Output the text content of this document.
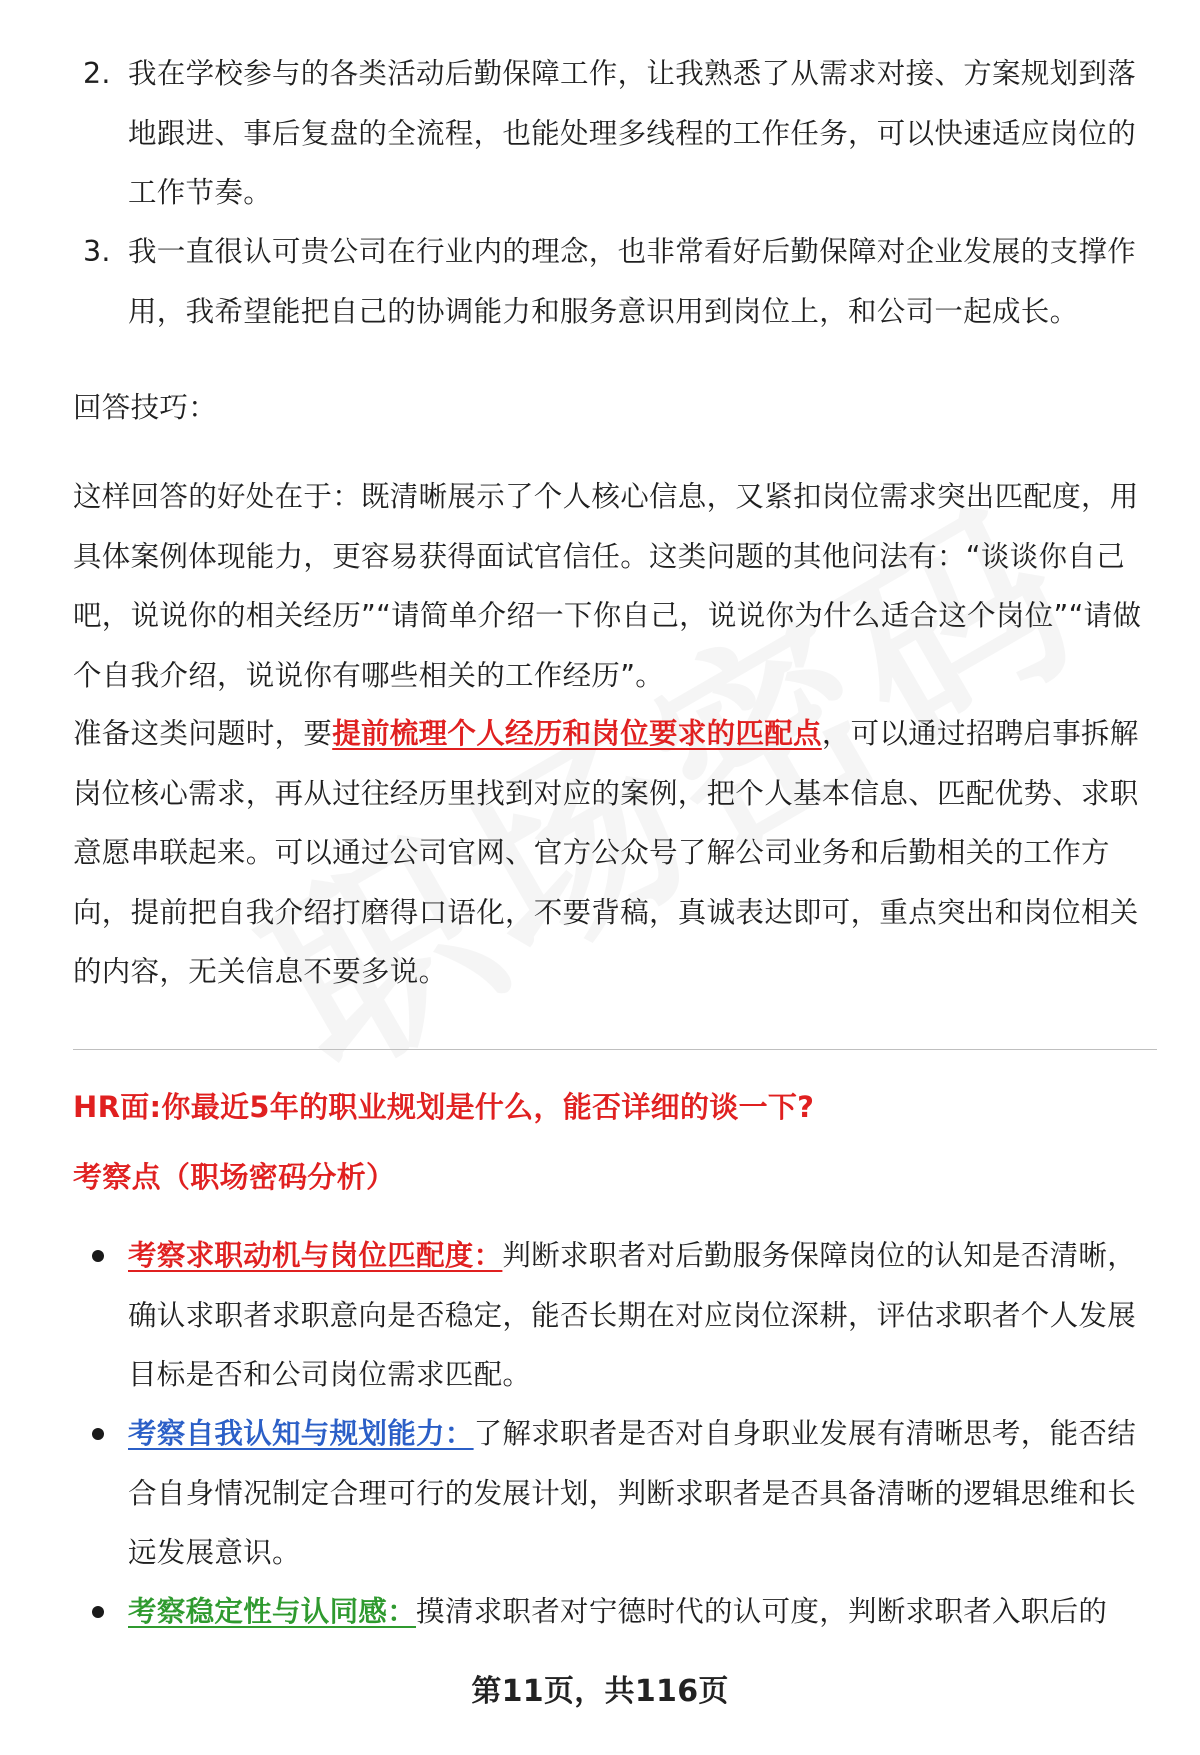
2. 我在学校参与的各类活动后勤保障工作，让我熟悉了从需求对接、方案规划到落地跟进、事后复盘的全流程，也能处理多线程的工作任务，可以快速适应岗位的工作节奏。
3. 我一直很认可贵公司在行业内的理念，也非常看好后勤保障对企业发展的支撑作用，我希望能把自己的协调能力和服务意识用到岗位上，和公司一起成长。
回答技巧：
这样回答的好处在于：既清晰展示了个人核心信息，又紧扣岗位需求突出匹配度，用具体案例体现能力，更容易获得面试官信任。这类问题的其他问法有：“谈谈你自己吧，说说你的相关经历”“请简单介绍一下你自己，说说你为什么适合这个岗位”“请做个自我介绍，说说你有哪些相关的工作经历”。
准备这类问题时，要提前梳理个人经历和岗位要求的匹配点，可以通过招聘启事拆解岗位核心需求，再从过往经历里找到对应的案例，把个人基本信息、匹配优势、求职意愿串联起来。可以通过公司官网、官方公众号了解公司业务和后勤相关的工作方向，提前把自我介绍打磨得口语化，不要背稿，真诚表达即可，重点突出和岗位相关的内容，无关信息不要多说。
HR面:你最近5年的职业规划是什么，能否详细的谈一下?
考察点（职场密码分析）
考察求职动机与岗位匹配度：判断求职者对后勤服务保障岗位的认知是否清晰，确认求职者求职意向是否稳定，能否长期在对应岗位深耕，评估求职者个人发展目标是否和公司岗位需求匹配。
考察自我认知与规划能力：了解求职者是否对自身职业发展有清晰思考，能否结合自身情况制定合理可行的发展计划，判断求职者是否具备清晰的逻辑思维和长远发展意识。
考察稳定性与认同感：摸清求职者对宁德时代的认可度，判断求职者入职后的
第11页，共116页
